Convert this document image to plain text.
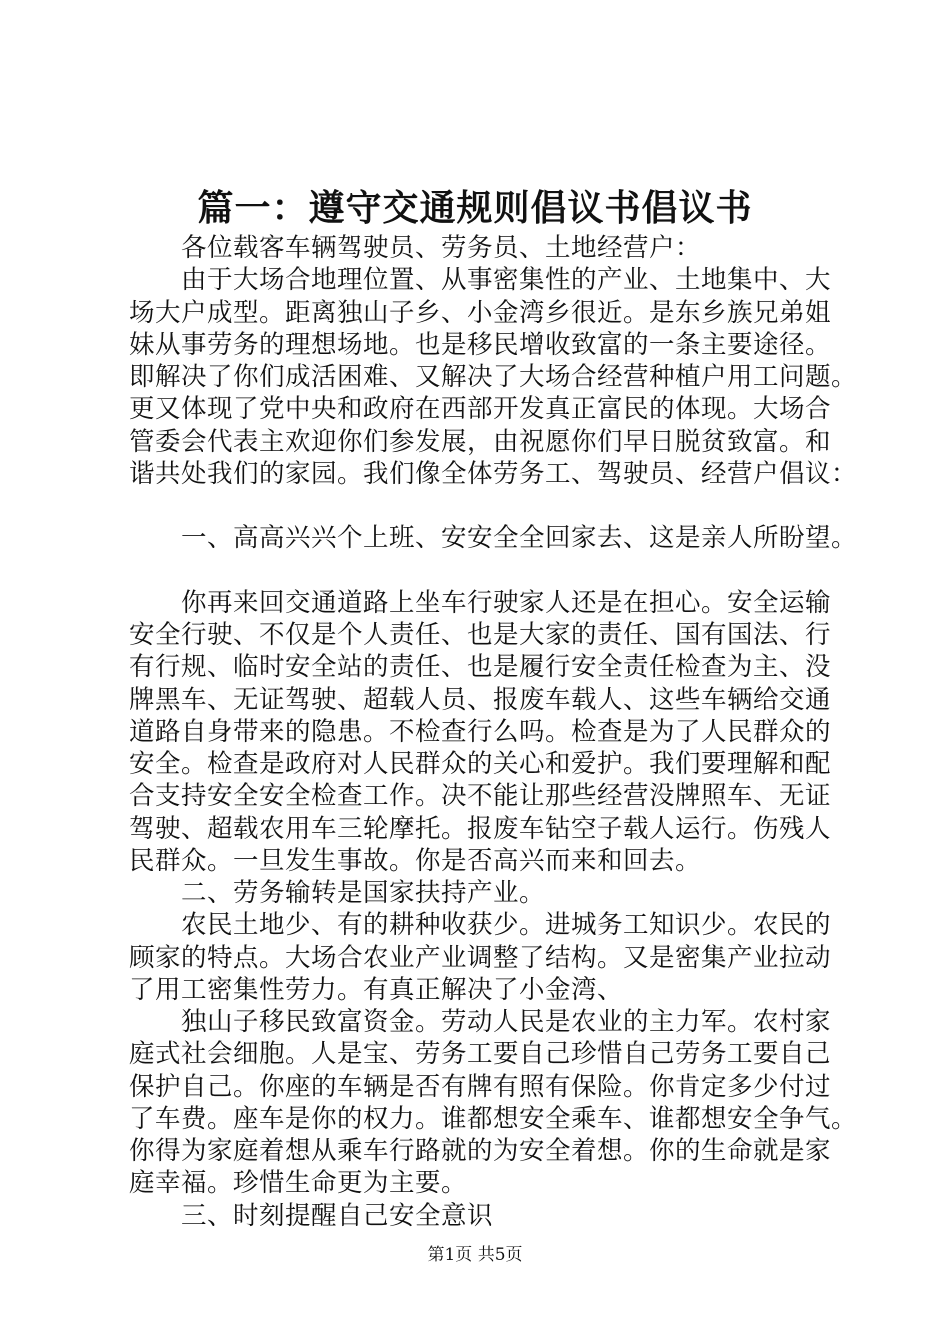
篇一：遵守交通规则倡议书倡议书
各位载客车辆驾驶员、劳务员、土地经营户：
由于大场合地理位置、从事密集性的产业、土地集中、大
场大户成型。距离独山子乡、小金湾乡很近。是东乡族兄弟姐
妹从事劳务的理想场地。也是移民增收致富的一条主要途径。
即解决了你们成活困难、又解决了大场合经营种植户用工问题。
更又体现了党中央和政府在西部开发真正富民的体现。大场合
管委会代表主欢迎你们参发展，由祝愿你们早日脱贫致富。和
谐共处我们的家园。我们像全体劳务工、驾驶员、经营户倡议：
一、高高兴兴个上班、安安全全回家去、这是亲人所盼望。
你再来回交通道路上坐车行驶家人还是在担心。安全运输
安全行驶、不仅是个人责任、也是大家的责任、国有国法、行
有行规、临时安全站的责任、也是履行安全责任检查为主、没
牌黑车、无证驾驶、超载人员、报废车载人、这些车辆给交通
道路自身带来的隐患。不检查行么吗。检查是为了人民群众的
安全。检查是政府对人民群众的关心和爱护。我们要理解和配
合支持安全安全检查工作。决不能让那些经营没牌照车、无证
驾驶、超载农用车三轮摩托。报废车钻空子载人运行。伤残人
民群众。一旦发生事故。你是否高兴而来和回去。
二、劳务输转是国家扶持产业。
农民土地少、有的耕种收获少。进城务工知识少。农民的
顾家的特点。大场合农业产业调整了结构。又是密集产业拉动
了用工密集性劳力。有真正解决了小金湾、
独山子移民致富资金。劳动人民是农业的主力军。农村家
庭式社会细胞。人是宝、劳务工要自己珍惜自己劳务工要自己
保护自己。你座的车辆是否有牌有照有保险。你肯定多少付过
了车费。座车是你的权力。谁都想安全乘车、谁都想安全争气。
你得为家庭着想从乘车行路就的为安全着想。你的生命就是家
庭幸福。珍惜生命更为主要。
三、时刻提醒自己安全意识
第1页 共5页
